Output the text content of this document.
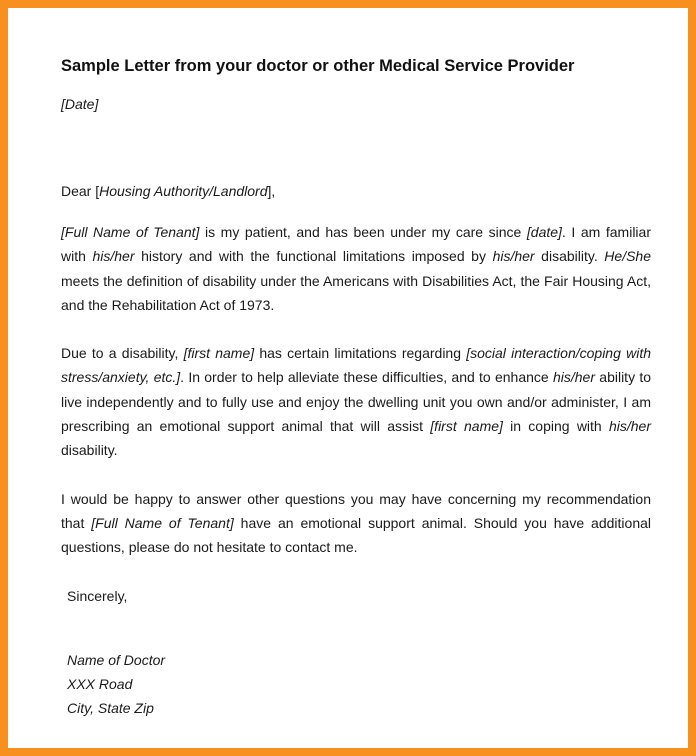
Sample Letter from your doctor or other Medical Service Provider
[Date]
Dear [Housing Authority/Landlord],

[Full Name of Tenant] is my patient, and has been under my care since [date]. I am familiar with his/her history and with the functional limitations imposed by his/her disability. He/She meets the definition of disability under the Americans with Disabilities Act, the Fair Housing Act, and the Rehabilitation Act of 1973.

Due to a disability, [first name] has certain limitations regarding [social interaction/coping with stress/anxiety, etc.]. In order to help alleviate these difficulties, and to enhance his/her ability to live independently and to fully use and enjoy the dwelling unit you own and/or administer, I am prescribing an emotional support animal that will assist [first name] in coping with his/her disability.

I would be happy to answer other questions you may have concerning my recommendation that [Full Name of Tenant] have an emotional support animal. Should you have additional questions, please do not hesitate to contact me.

Sincerely,
Name of Doctor
XXX Road
City, State Zip
